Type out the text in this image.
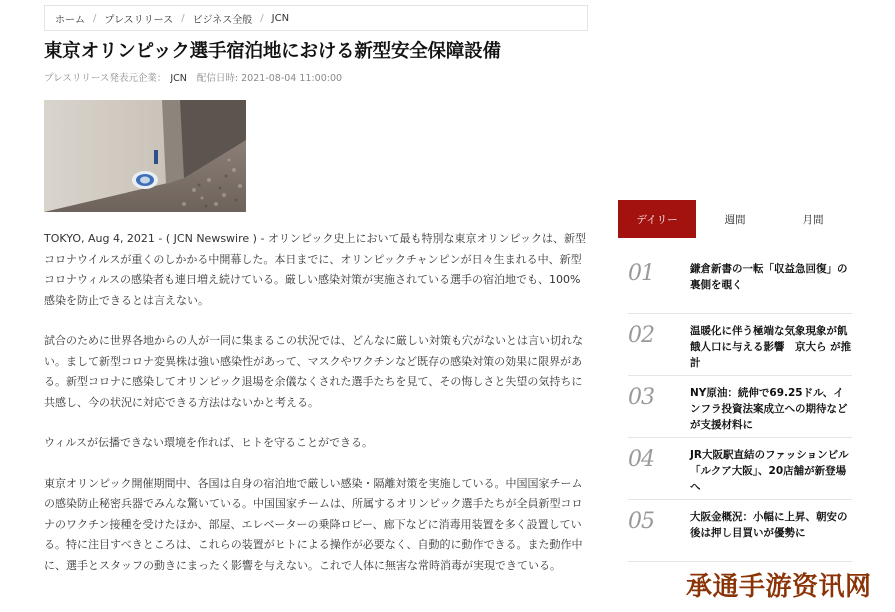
ホーム / プレスリリース / ビジネス全般 / JCN
東京オリンピック選手宿泊地における新型安全保障設備
プレスリリース発表元企業： JCN 配信日時: 2021-08-04 11:00:00

TOKYO, Aug 4, 2021 - ( JCN Newswire ) - オリンピック史上において最も特別な東京オリンピックは、新型コロナウイルスが重くのしかかる中開幕した。本日までに、オリンピックチャンピンが日々生まれる中、新型コロナウィルスの感染者も連日増え続けている。厳しい感染対策が実施されている選手の宿泊地でも、100%感染を防止できるとは言えない。

試合のために世界各地からの人が一同に集まるこの状況では、どんなに厳しい対策も穴がないとは言い切れない。まして新型コロナ変異株は強い感染性があって、マスクやワクチンなど既存の感染対策の効果に限界がある。新型コロナに感染してオリンピック退場を余儀なくされた選手たちを見て、その悔しさと失望の気持ちに共感し、今の状況に対応できる方法はないかと考える。

ウィルスが伝播できない環境を作れば、ヒトを守ることができる。

東京オリンピック開催期間中、各国は自身の宿泊地で厳しい感染・隔離対策を実施している。中国国家チームの感染防止秘密兵器でみんな驚いている。中国国家チームは、所属するオリンピック選手たちが全員新型コロナのワクチン接種を受けたほか、部屋、エレベーターの乗降ロビー、廊下などに消毒用装置を多く設置している。特に注目すべきところは、これらの装置がヒトによる操作が必要なく、自動的に動作できる。また動作中に、選手とスタッフの動きにまったく影響を与えない。これで人体に無害な常時消毒が実現できている。

デイリー	週間	月間
01	鎌倉新書の一転「収益急回復」の裏側を覗く
02	温暖化に伴う極端な気象現象が飢餓人口に与える影響　京大ら が推計
03	NY原油：続伸で69.25ドル、インフラ投資法案成立への期待などが支援材料に
04	JR大阪駅直結のファッションビル「ルクア大阪」、20店舗が新登場へ
05	大阪金概況：小幅に上昇、朝安の後は押し目買いが優勢に
承通手游资讯网
